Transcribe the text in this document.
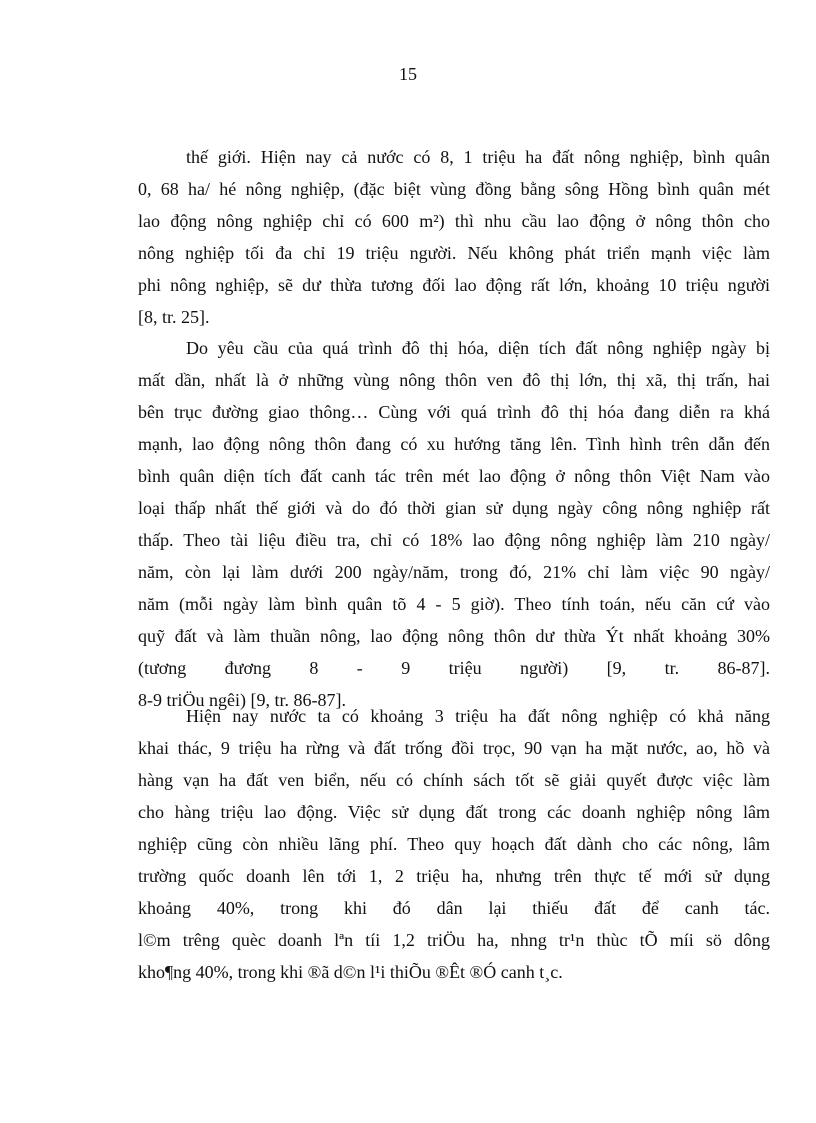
15
thế giới. Hiện nay cả nước có 8, 1 triệu ha đất nông nghiệp, bình quân
0, 68 ha/ hé nông nghiệp, (đặc biệt vùng đồng bằng sông Hồng bình quân mét
lao động nông nghiệp chỉ có 600 m²) thì nhu cầu lao động ở nông thôn cho
nông nghiệp tối đa chỉ 19 triệu người. Nếu không phát triển mạnh việc làm
phi nông nghiệp, sẽ dư thừa tương đối lao động rất lớn, khoảng 10 triệu người
[8, tr. 25].
Do yêu cầu của quá trình đô thị hóa, diện tích đất nông nghiệp ngày bị
mất dần, nhất là ở những vùng nông thôn ven đô thị lớn, thị xã, thị trấn, hai
bên trục đường giao thông… Cùng với quá trình đô thị hóa đang diễn ra khá
mạnh, lao động nông thôn đang có xu hướng tăng lên. Tình hình trên dẫn đến
bình quân diện tích đất canh tác trên mét lao động ở nông thôn Việt Nam vào
loại thấp nhất thế giới và do đó thời gian sử dụng ngày công nông nghiệp rất
thấp. Theo tài liệu điều tra, chỉ có 18% lao động nông nghiệp làm 210 ngày/
năm, còn lại làm dưới 200 ngày/năm, trong đó, 21% chỉ làm việc 90 ngày/
năm (mỗi ngày làm bình quân tõ 4 - 5 giờ). Theo tính toán, nếu căn cứ vào
quỹ đất và làm thuần nông, lao động nông thôn dư thừa Ýt nhất khoảng 30%
(tương đương 8 - 9 triệu người) [9, tr. 86-87].
8-9 triÖu ngêi) [9, tr. 86-87].
Hiện nay nước ta có khoảng 3 triệu ha đất nông nghiệp có khả năng
khai thác, 9 triệu ha rừng và đất trống đồi trọc, 90 vạn ha mặt nước, ao, hồ và
hàng vạn ha đất ven biển, nếu có chính sách tốt sẽ giải quyết được việc làm
cho hàng triệu lao động. Việc sử dụng đất trong các doanh nghiệp nông lâm
nghiệp cũng còn nhiều lãng phí. Theo quy hoạch đất dành cho các nông, lâm
trường quốc doanh lên tới 1, 2 triệu ha, nhưng trên thực tế mới sử dụng
khoảng 40%, trong khi đó dân lại thiếu đất để canh tác.
l©m trêng quèc doanh lªn tíi 1,2 triÖu ha, nhng tr¹n thùc tÕ míi sö dông
kho¶ng 40%, trong khi ®ã d©n l¹i thiÕu ®Êt ®Ó canh t¸c.
